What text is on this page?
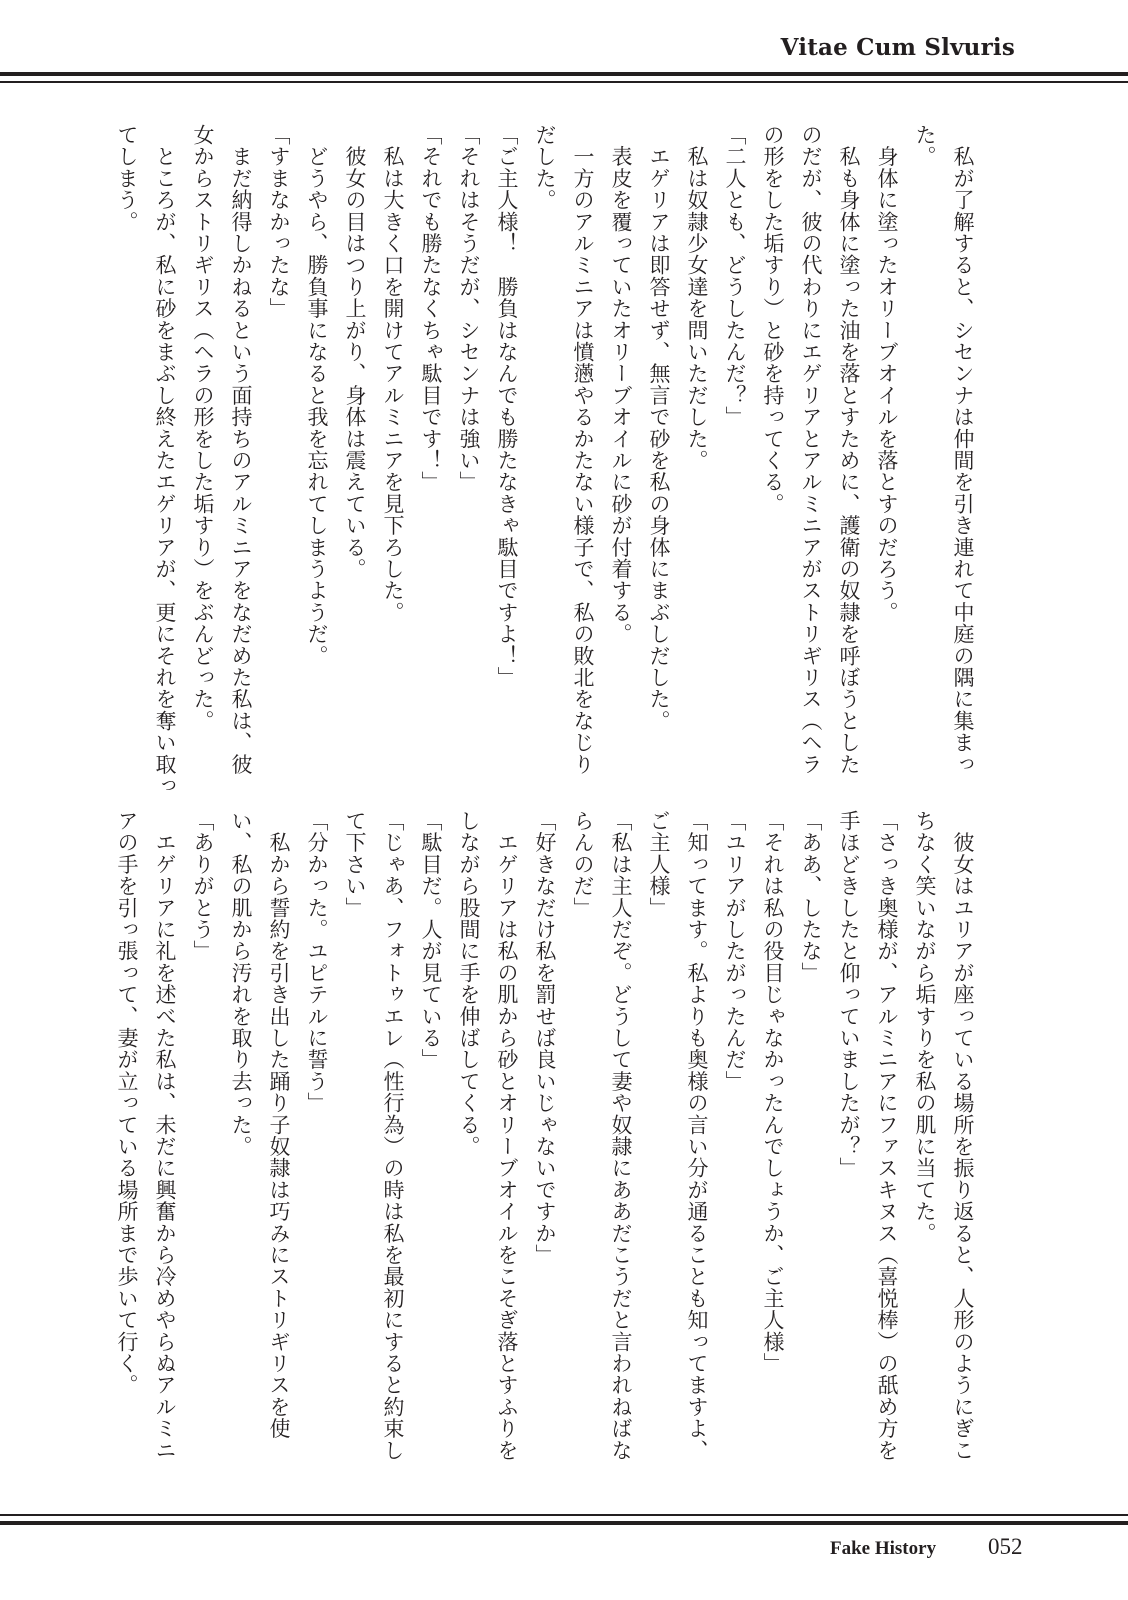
Vitae Cum Slvuris
　私が了解すると、シセンナは仲間を引き連れて中庭の隅に集まっ
た。
　身体に塗ったオリーブオイルを落とすのだろう。
　私も身体に塗った油を落とすために、護衛の奴隷を呼ぼうとした
のだが、彼の代わりにエゲリアとアルミニアがストリギリス（ヘラ
の形をした垢すり）と砂を持ってくる。
「二人とも、どうしたんだ？」
　私は奴隷少女達を問いただした。
　エゲリアは即答せず、無言で砂を私の身体にまぶしだした。
　表皮を覆っていたオリーブオイルに砂が付着する。
　一方のアルミニアは憤懣やるかたない様子で、私の敗北をなじり
だした。
「ご主人様！　勝負はなんでも勝たなきゃ駄目ですよ！」
「それはそうだが、シセンナは強い」
「それでも勝たなくちゃ駄目です！」
　私は大きく口を開けてアルミニアを見下ろした。
　彼女の目はつり上がり、身体は震えている。
　どうやら、勝負事になると我を忘れてしまうようだ。
「すまなかったな」
　まだ納得しかねるという面持ちのアルミニアをなだめた私は、彼
女からストリギリス（ヘラの形をした垢すり）をぶんどった。
　ところが、私に砂をまぶし終えたエゲリアが、更にそれを奪い取っ
てしまう。
　彼女はユリアが座っている場所を振り返ると、人形のようにぎこ
ちなく笑いながら垢すりを私の肌に当てた。
「さっき奥様が、アルミニアにファスキヌス（喜悦棒）の舐め方を
手ほどきしたと仰っていましたが？」
「ああ、したな」
「それは私の役目じゃなかったんでしょうか、ご主人様」
「ユリアがしたがったんだ」
「知ってます。私よりも奥様の言い分が通ることも知ってますよ、
ご主人様」
「私は主人だぞ。どうして妻や奴隷にああだこうだと言われねばな
らんのだ」
「好きなだけ私を罰せば良いじゃないですか」
　エゲリアは私の肌から砂とオリーブオイルをこそぎ落とすふりを
しながら股間に手を伸ばしてくる。
「駄目だ。人が見ている」
「じゃあ、フォトゥエレ（性行為）の時は私を最初にすると約束し
て下さい」
「分かった。ユピテルに誓う」
　私から誓約を引き出した踊り子奴隷は巧みにストリギリスを使
い、私の肌から汚れを取り去った。
「ありがとう」
　エゲリアに礼を述べた私は、未だに興奮から冷めやらぬアルミニ
アの手を引っ張って、妻が立っている場所まで歩いて行く。
Fake History 052
